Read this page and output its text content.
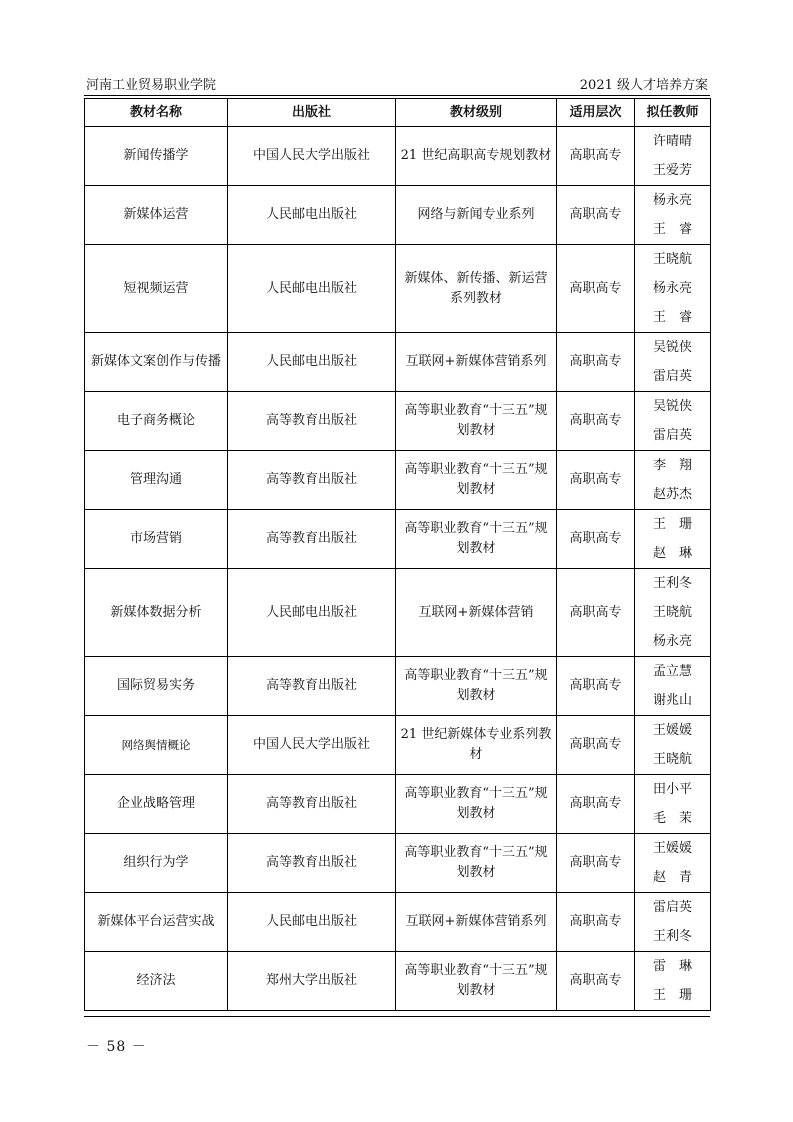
河南工业贸易职业学院	2021 级人才培养方案
教材名称	出版社	教材级别	适用层次	拟任教师
新闻传播学	中国人民大学出版社	21 世纪高职高专规划教材	高职高专	许晴晴
王爱芳

新媒体运营	人民邮电出版社	网络与新闻专业系列	高职高专	杨永亮
王　睿

短视频运营	人民邮电出版社	新媒体、新传播、新运营系列教材	高职高专	王晓航
杨永亮
王　睿

新媒体文案创作与传播	人民邮电出版社	互联网+新媒体营销系列	高职高专	吴锐侠
雷启英

电子商务概论	高等教育出版社	高等职业教育“十三五”规划教材	高职高专	吴锐侠
雷启英

管理沟通	高等教育出版社	高等职业教育“十三五”规划教材	高职高专	李　翔
赵苏杰

市场营销	高等教育出版社	高等职业教育“十三五”规划教材	高职高专	王　珊
赵　琳

新媒体数据分析	人民邮电出版社	互联网+新媒体营销	高职高专	王利冬
王晓航
杨永亮

国际贸易实务	高等教育出版社	高等职业教育“十三五”规划教材	高职高专	孟立慧
谢兆山

网络舆情概论	中国人民大学出版社	21 世纪新媒体专业系列教材	高职高专	王媛媛
王晓航

企业战略管理	高等教育出版社	高等职业教育“十三五”规划教材	高职高专	田小平
毛　茉

组织行为学	高等教育出版社	高等职业教育“十三五”规划教材	高职高专	王媛媛
赵　青

新媒体平台运营实战	人民邮电出版社	互联网+新媒体营销系列	高职高专	雷启英
王利冬

经济法	郑州大学出版社	高等职业教育“十三五”规划教材	高职高专	雷　琳
王　珊
－ 58 －
